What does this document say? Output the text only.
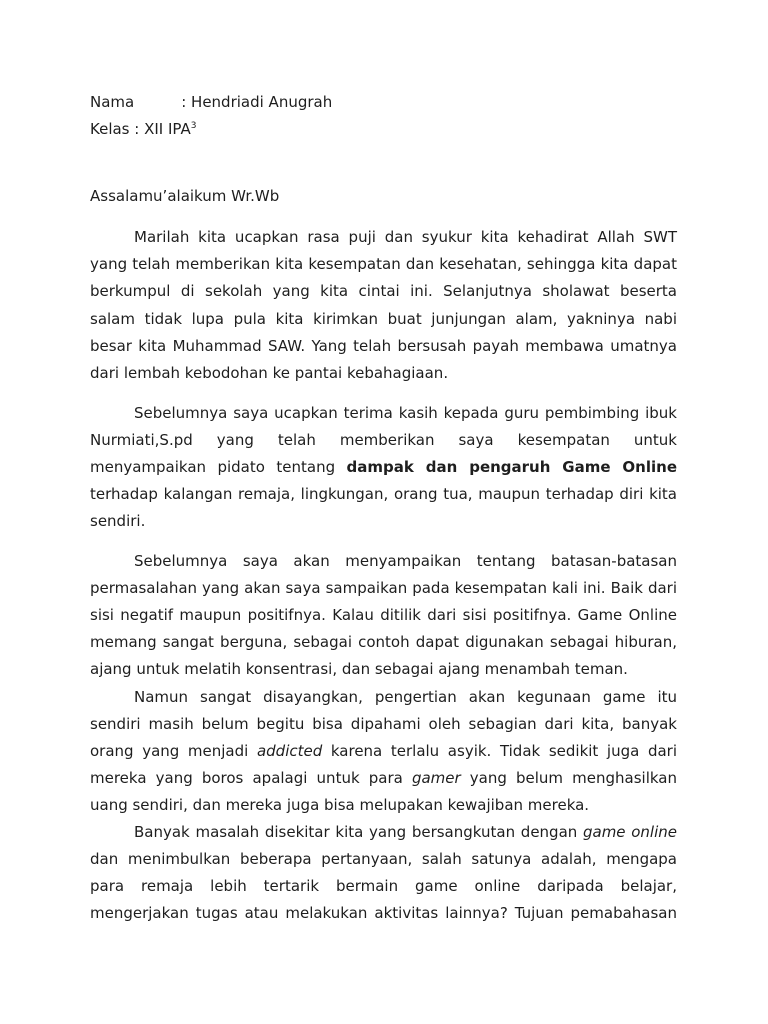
Nama	: Hendriadi Anugrah
Kelas : XII IPA$^3$
Assalamu’alaikum Wr.Wb
Marilah kita ucapkan rasa puji dan syukur kita kehadirat Allah SWT
yang telah memberikan kita kesempatan dan kesehatan, sehingga kita dapat
berkumpul di sekolah yang kita cintai ini. Selanjutnya sholawat beserta
salam tidak lupa pula kita kirimkan buat junjungan alam, yakninya nabi
besar kita Muhammad SAW. Yang telah bersusah payah membawa umatnya
dari lembah kebodohan ke pantai kebahagiaan.
Sebelumnya saya ucapkan terima kasih kepada guru pembimbing ibuk
Nurmiati,S.pd yang telah memberikan saya kesempatan untuk
menyampaikan pidato tentang dampak dan pengaruh Game Online
terhadap kalangan remaja, lingkungan, orang tua, maupun terhadap diri kita
sendiri.
Sebelumnya saya akan menyampaikan tentang batasan-batasan
permasalahan yang akan saya sampaikan pada kesempatan kali ini. Baik dari
sisi negatif maupun positifnya. Kalau ditilik dari sisi positifnya. Game Online
memang sangat berguna, sebagai contoh dapat digunakan sebagai hiburan,
ajang untuk melatih konsentrasi, dan sebagai ajang menambah teman.
Namun sangat disayangkan, pengertian akan kegunaan game itu
sendiri masih belum begitu bisa dipahami oleh sebagian dari kita, banyak
orang yang menjadi addicted karena terlalu asyik. Tidak sedikit juga dari
mereka yang boros apalagi untuk para gamer yang belum menghasilkan
uang sendiri, dan mereka juga bisa melupakan kewajiban mereka.
Banyak masalah disekitar kita yang bersangkutan dengan game online
dan menimbulkan beberapa pertanyaan, salah satunya adalah, mengapa
para remaja lebih tertarik bermain game online daripada belajar,
mengerjakan tugas atau melakukan aktivitas lainnya? Tujuan pemabahasan
